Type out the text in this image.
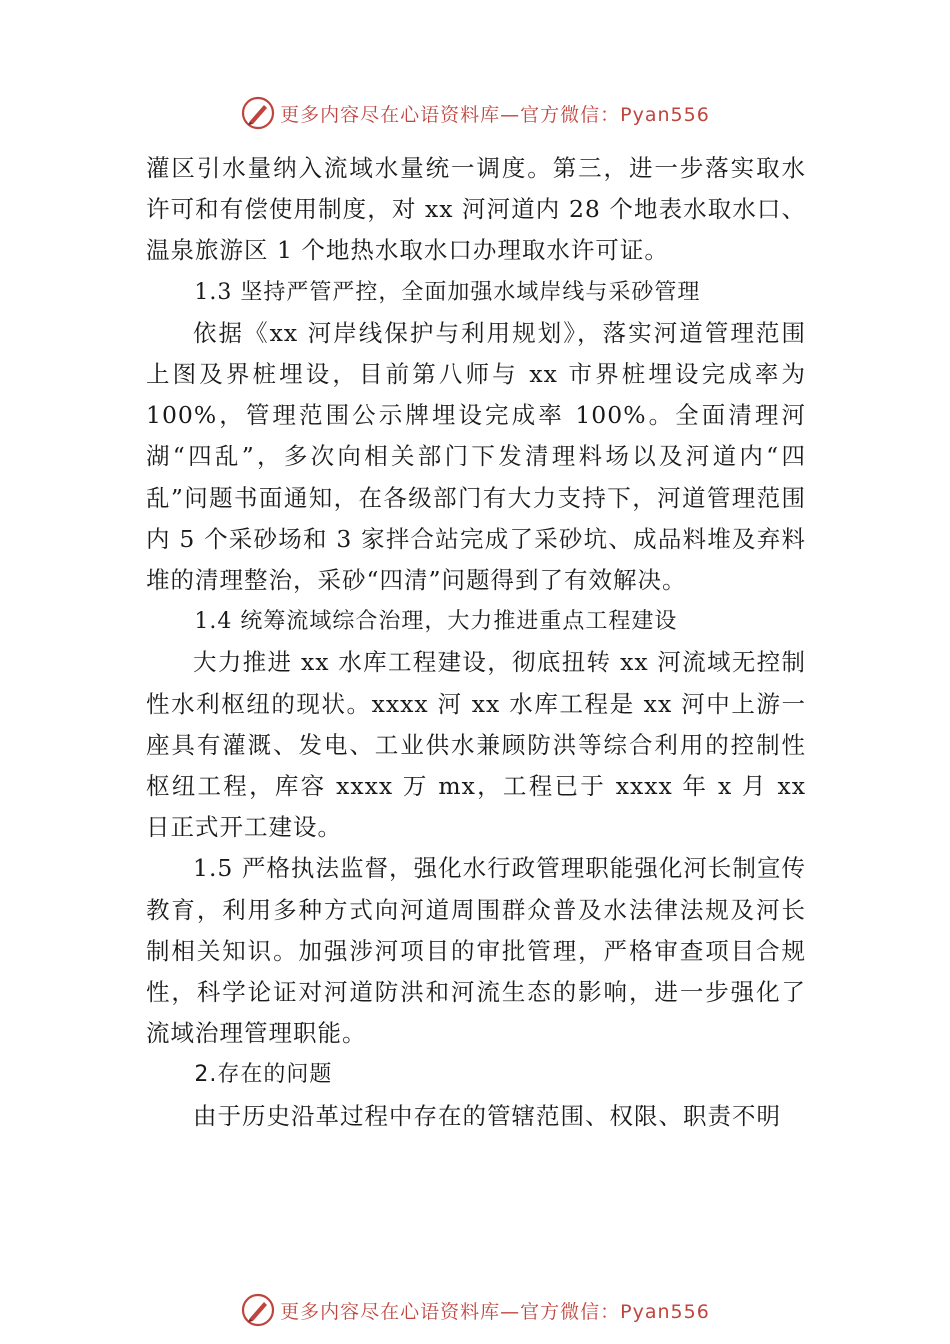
更多内容尽在心语资料库—官方微信：Pyan556

灌区引水量纳入流域水量统一调度。第三，进一步落实取水许可和有偿使用制度，对 xx 河河道内 28 个地表水取水口、温泉旅游区 1 个地热水取水口办理取水许可证。

1.3 坚持严管严控，全面加强水域岸线与采砂管理

依据《xx 河岸线保护与利用规划》，落实河道管理范围上图及界桩埋设，目前第八师与 xx 市界桩埋设完成率为 100%，管理范围公示牌埋设完成率 100%。全面清理河湖“四乱”，多次向相关部门下发清理料场以及河道内“四乱”问题书面通知，在各级部门有大力支持下，河道管理范围内 5 个采砂场和 3 家拌合站完成了采砂坑、成品料堆及弃料堆的清理整治，采砂“四清”问题得到了有效解决。

1.4 统筹流域综合治理，大力推进重点工程建设

大力推进 xx 水库工程建设，彻底扭转 xx 河流域无控制性水利枢纽的现状。xxxx 河 xx 水库工程是 xx 河中上游一座具有灌溉、发电、工业供水兼顾防洪等综合利用的控制性枢纽工程，库容 xxxx 万 mx，工程已于 xxxx 年 x 月 xx 日正式开工建设。

1.5 严格执法监督，强化水行政管理职能强化河长制宣传教育，利用多种方式向河道周围群众普及水法律法规及河长制相关知识。加强涉河项目的审批管理，严格审查项目合规性，科学论证对河道防洪和河流生态的影响，进一步强化了流域治理管理职能。

2.存在的问题

由于历史沿革过程中存在的管辖范围、权限、职责不明

更多内容尽在心语资料库—官方微信：Pyan556
